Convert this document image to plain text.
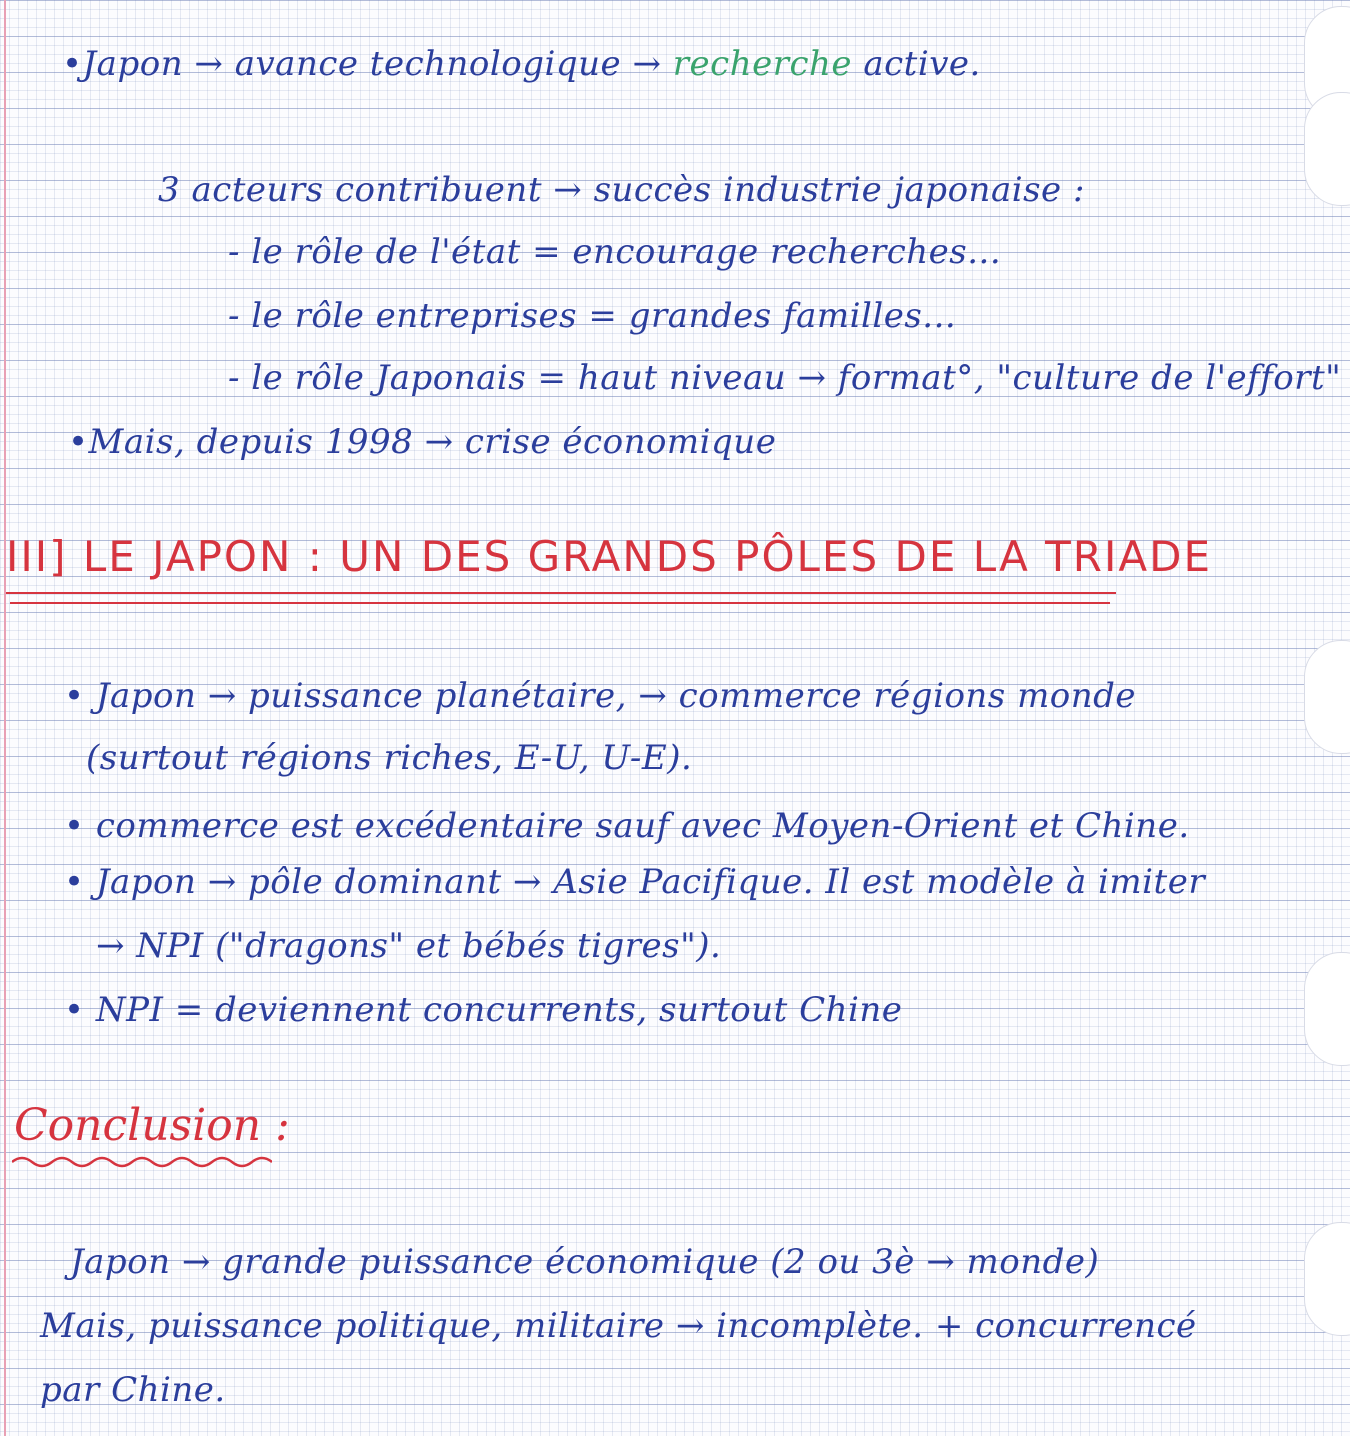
•Japon → avance technologique → recherche active.
3 acteurs contribuent → succès industrie japonaise :
- le rôle de l'état = encourage recherches...
- le rôle entreprises = grandes familles...
- le rôle Japonais = haut niveau → format°, "culture de l'effort"
•Mais, depuis 1998 → crise économique
III] LE JAPON : UN DES GRANDS PÔLES DE LA TRIADE
• Japon → puissance planétaire, → commerce régions monde
(surtout régions riches, E-U, U-E).
• commerce est excédentaire sauf avec Moyen-Orient et Chine.
• Japon → pôle dominant → Asie Pacifique. Il est modèle à imiter
→ NPI ("dragons" et bébés tigres").
• NPI = deviennent concurrents, surtout Chine
Conclusion :
Japon → grande puissance économique (2 ou 3è → monde)
Mais, puissance politique, militaire → incomplète. + concurrencé
par Chine.
